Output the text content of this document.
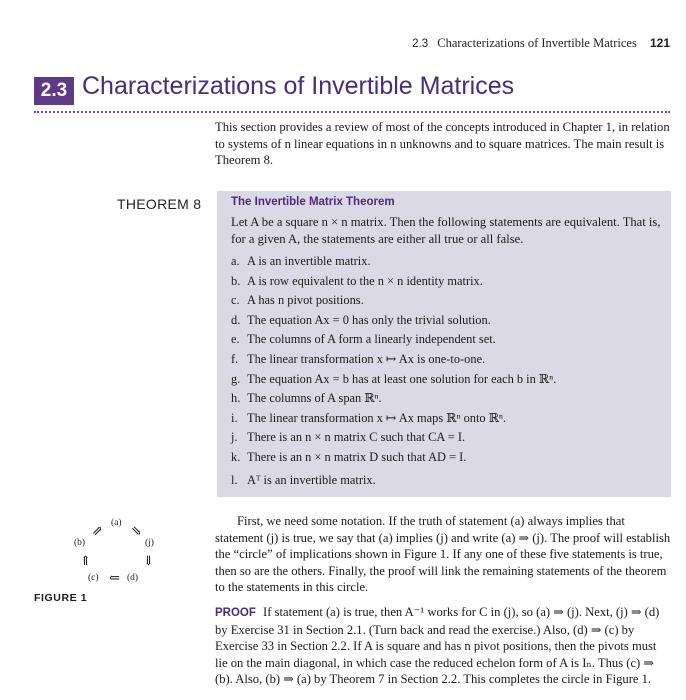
2.3 Characterizations of Invertible Matrices 121
2.3 Characterizations of Invertible Matrices
This section provides a review of most of the concepts introduced in Chapter 1, in relation to systems of n linear equations in n unknowns and to square matrices. The main result is Theorem 8.
THEOREM 8	The Invertible Matrix Theorem
Let A be a square n × n matrix. Then the following statements are equivalent. That is, for a given A, the statements are either all true or all false.
a. A is an invertible matrix.
b. A is row equivalent to the n × n identity matrix.
c. A has n pivot positions.
d. The equation Ax = 0 has only the trivial solution.
e. The columns of A form a linearly independent set.
f. The linear transformation x ↦ Ax is one-to-one.
g. The equation Ax = b has at least one solution for each b in ℝⁿ.
h. The columns of A span ℝⁿ.
i. The linear transformation x ↦ Ax maps ℝⁿ onto ℝⁿ.
j. There is an n × n matrix C such that CA = I.
k. There is an n × n matrix D such that AD = I.
l. Aᵀ is an invertible matrix.
(a)
(b)	(j)
(c)	(d)
⇗ ⇘
⇓
⇐
⇑
FIGURE 1
First, we need some notation. If the truth of statement (a) always implies that statement (j) is true, we say that (a) implies (j) and write (a) ⇒ (j). The proof will establish the “circle” of implications shown in Figure 1. If any one of these five statements is true, then so are the others. Finally, the proof will link the remaining statements of the theorem to the statements in this circle.
PROOF If statement (a) is true, then A⁻¹ works for C in (j), so (a) ⇒ (j). Next, (j) ⇒ (d) by Exercise 31 in Section 2.1. (Turn back and read the exercise.) Also, (d) ⇒ (c) by Exercise 33 in Section 2.2. If A is square and has n pivot positions, then the pivots must lie on the main diagonal, in which case the reduced echelon form of A is Iₙ. Thus (c) ⇒ (b). Also, (b) ⇒ (a) by Theorem 7 in Section 2.2. This completes the circle in Figure 1.
